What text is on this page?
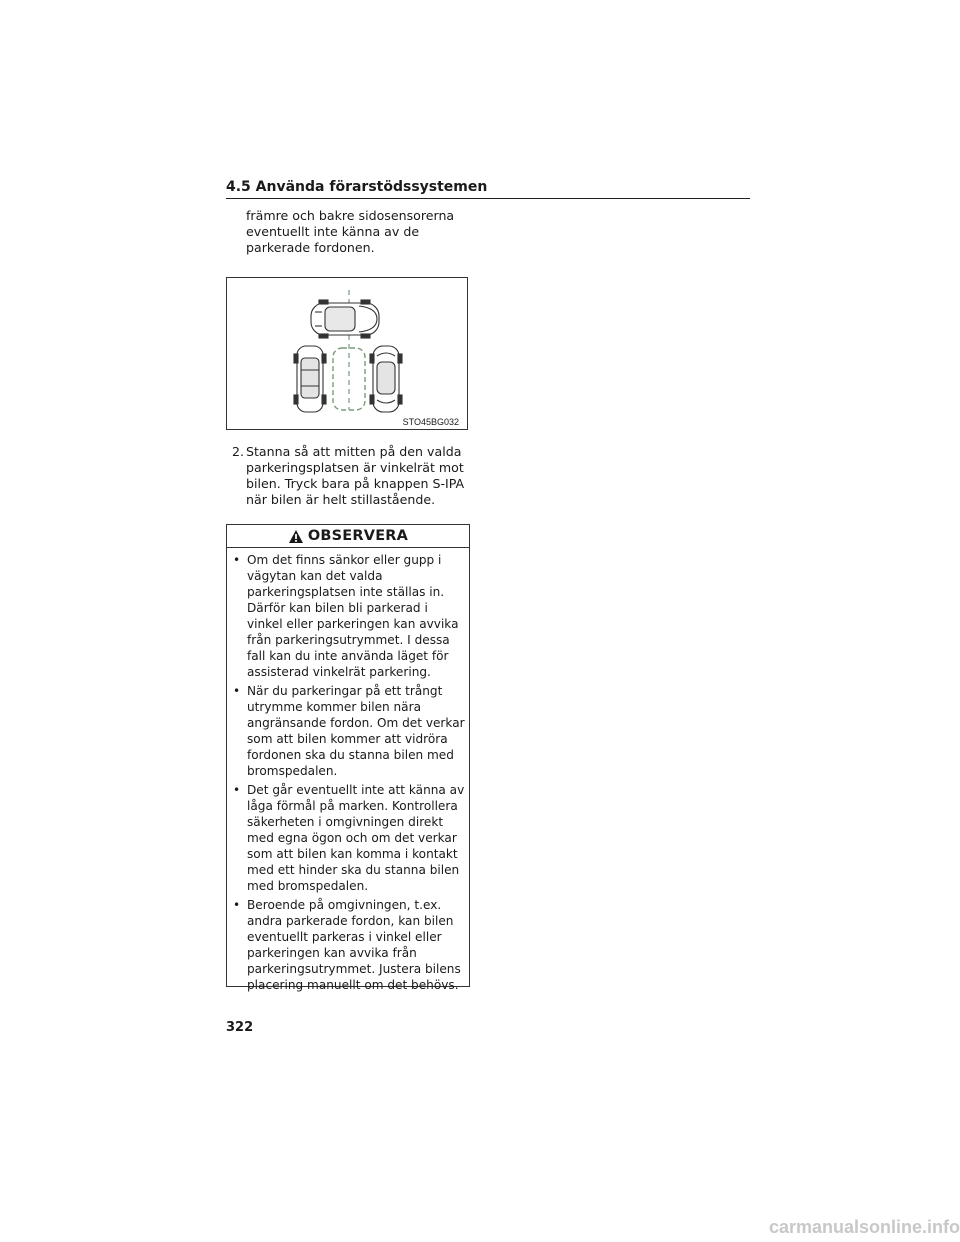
4.5 Använda förarstödssystemen
främre och bakre sidosensorerna eventuellt inte känna av de parkerade fordonen.
STO45BG032
2. Stanna så att mitten på den valda parkeringsplatsen är vinkelrät mot bilen. Tryck bara på knappen S-IPA när bilen är helt stillastående.
OBSERVERA
• Om det finns sänkor eller gupp i vägytan kan det valda parkeringsplatsen inte ställas in. Därför kan bilen bli parkerad i vinkel eller parkeringen kan avvika från parkeringsutrymmet. I dessa fall kan du inte använda läget för assisterad vinkelrät parkering.
• När du parkeringar på ett trångt utrymme kommer bilen nära angränsande fordon. Om det verkar som att bilen kommer att vidröra fordonen ska du stanna bilen med bromspedalen.
• Det går eventuellt inte att känna av låga förmål på marken. Kontrollera säkerheten i omgivningen direkt med egna ögon och om det verkar som att bilen kan komma i kontakt med ett hinder ska du stanna bilen med bromspedalen.
• Beroende på omgivningen, t.ex. andra parkerade fordon, kan bilen eventuellt parkeras i vinkel eller parkeringen kan avvika från parkeringsutrymmet. Justera bilens placering manuellt om det behövs.
322
carmanualsonline.info
